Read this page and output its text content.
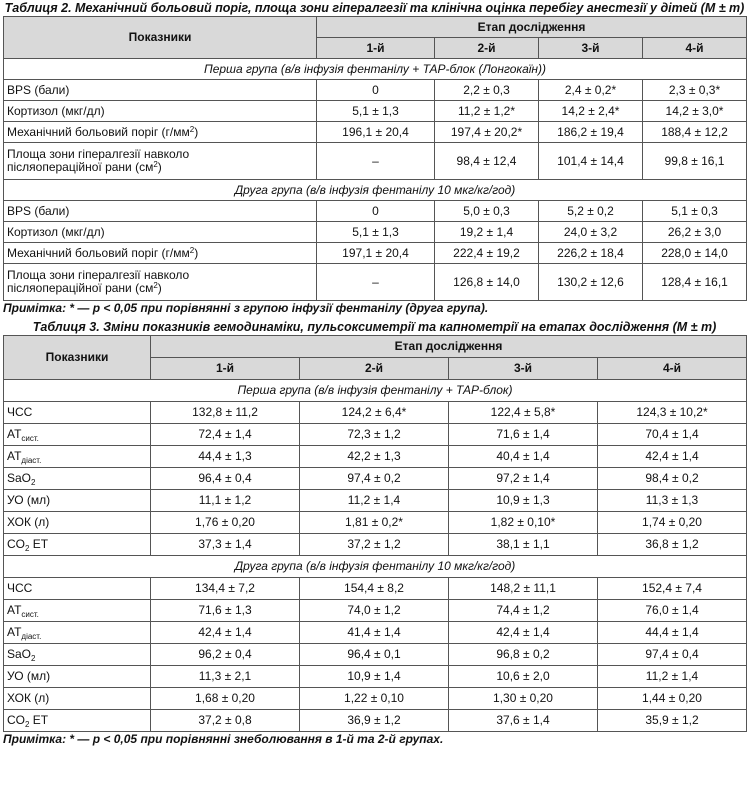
Таблиця 2. Механічний больовий поріг, площа зони гіпералгезії та клінічна оцінка перебігу анестезії у дітей (M ± m)
Показники	Етап дослідження			
	1-й	2-й	3-й	4-й
Перша група (в/в інфузія фентанілу + ТАР-блок (Лонгокаїн))				
BPS (бали)	0	2,2 ± 0,3	2,4 ± 0,2*	2,3 ± 0,3*
Кортизол (мкг/дл)	5,1 ± 1,3	11,2 ± 1,2*	14,2 ± 2,4*	14,2 ± 3,0*
Механічний больовий поріг $(г/мм^2)$	196,1 ± 20,4	197,4 ± 20,2*	186,2 ± 19,4	188,4 ± 12,2
Площа зони гіпералгезії навколо
післяопераційної рани $(см^2)$	–	98,4 ± 12,4	101,4 ± 14,4	99,8 ± 16,1
Друга група (в/в інфузія фентанілу 10 мкг/кг/год)				
BPS (бали)	0	5,0 ± 0,3	5,2 ± 0,2	5,1 ± 0,3
Кортизол (мкг/дл)	5,1 ± 1,3	19,2 ± 1,4	24,0 ± 3,2	26,2 ± 3,0
Механічний больовий поріг $(г/мм^2)$	197,1 ± 20,4	222,4 ± 19,2	226,2 ± 18,4	228,0 ± 14,0
Площа зони гіпералгезії навколо
післяопераційної рани $(см^2)$	–	126,8 ± 14,0	130,2 ± 12,6	128,4 ± 16,1
Примітка: * — p < 0,05 при порівнянні з групою інфузії фентанілу (друга група).
Таблиця 3. Зміни показників гемодинаміки, пульсоксиметрії та капнометрії на етапах дослідження (M ± m)
Показники	Етап дослідження			
	1-й	2-й	3-й	4-й
Перша група (в/в інфузія фентанілу + ТАР-блок)				
ЧСС	132,8 ± 11,2	124,2 ± 6,4*	122,4 ± 5,8*	124,3 ± 10,2*
$АТ_{сист.}$	72,4 ± 1,4	72,3 ± 1,2	71,6 ± 1,4	70,4 ± 1,4
$АТ_{діаст.}$	44,4 ± 1,3	42,2 ± 1,3	40,4 ± 1,4	42,4 ± 1,4
SaO$_2$	96,4 ± 0,4	97,4 ± 0,2	97,2 ± 1,4	98,4 ± 0,2
УО (мл)	11,1 ± 1,2	11,2 ± 1,4	10,9 ± 1,3	11,3 ± 1,3
ХОК (л)	1,76 ± 0,20	1,81 ± 0,2*	1,82 ± 0,10*	1,74 ± 0,20
$CO_2$ ET	37,3 ± 1,4	37,2 ± 1,2	38,1 ± 1,1	36,8 ± 1,2
Друга група (в/в інфузія фентанілу 10 мкг/кг/год)				
ЧСС	134,4 ± 7,2	154,4 ± 8,2	148,2 ± 11,1	152,4 ± 7,4
$АТ_{сист.}$	71,6 ± 1,3	74,0 ± 1,2	74,4 ± 1,2	76,0 ± 1,4
$АТ_{діаст.}$	42,4 ± 1,4	41,4 ± 1,4	42,4 ± 1,4	44,4 ± 1,4
SaO$_2$	96,2 ± 0,4	96,4 ± 0,1	96,8 ± 0,2	97,4 ± 0,4
УО (мл)	11,3 ± 2,1	10,9 ± 1,4	10,6 ± 2,0	11,2 ± 1,4
ХОК (л)	1,68 ± 0,20	1,22 ± 0,10	1,30 ± 0,20	1,44 ± 0,20
$CO_2$ ET	37,2 ± 0,8	36,9 ± 1,2	37,6 ± 1,4	35,9 ± 1,2
Примітка: * — p < 0,05 при порівнянні знеболювання в 1-й та 2-й групах.
